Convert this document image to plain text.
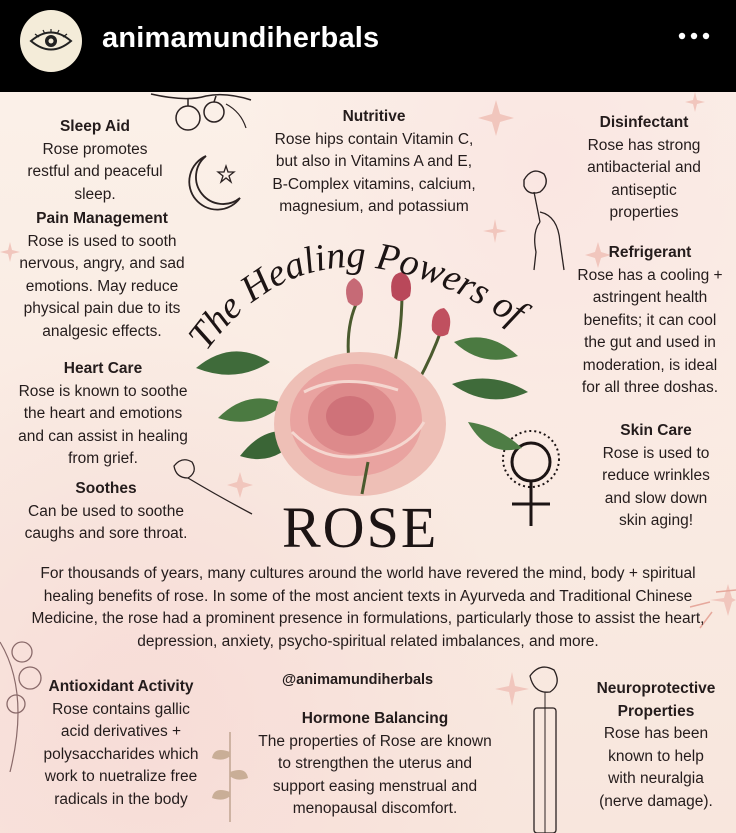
animamundiherbals
The Healing Powers of
ROSE
Sleep Aid

Rose promotes

restful and peaceful

sleep.

Pain Management

Rose is used to sooth

nervous, angry, and sad

emotions. May reduce

physical pain due to its

analgesic effects.

Heart Care

Rose is known to soothe

the heart and emotions

and can assist in healing

from grief.

Soothes

Can be used to soothe

caughs and sore throat.

Nutritive

Rose hips contain Vitamin C,

but also in Vitamins A and E,

B-Complex vitamins, calcium,

magnesium, and potassium

Disinfectant

Rose has strong

antibacterial and

antiseptic

properties

Refrigerant

Rose has a cooling +

astringent health

benefits; it can cool

the gut and used in

moderation, is ideal

for all three doshas.

Skin Care

Rose is used to

reduce wrinkles

and slow down

skin aging!

For thousands of years, many cultures around the world have revered the mind, body + spiritual healing benefits of rose. In some of the most ancient texts in Ayurveda and Traditional Chinese Medicine, the rose had a prominent presence in formulations, particularly those to assist the heart, depression, anxiety, psycho-spiritual related imbalances, and more.
@animamundiherbals
Antioxidant Activity

Rose contains gallic

acid derivatives +

polysaccharides which

work to nuetralize free

radicals in the body

Hormone Balancing

The properties of Rose are known

to strengthen the uterus and

support easing menstrual and

menopausal discomfort.

Neuroprotective
Properties

Rose has been

known to help

with neuralgia

(nerve damage).
